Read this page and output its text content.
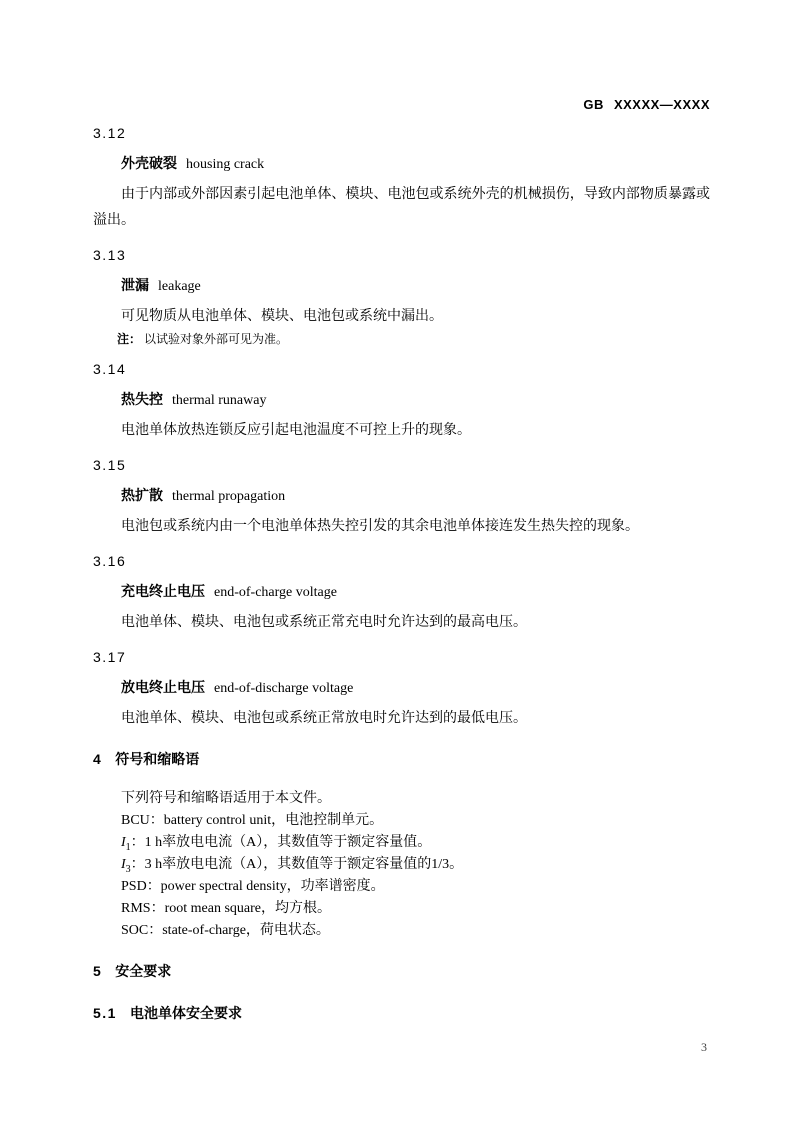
GB XXXXX—XXXX
3.12
外壳破裂 housing crack
由于内部或外部因素引起电池单体、模块、电池包或系统外壳的机械损伤，导致内部物质暴露或溢出。
3.13
泄漏 leakage
可见物质从电池单体、模块、电池包或系统中漏出。
注： 以试验对象外部可见为准。
3.14
热失控 thermal runaway
电池单体放热连锁反应引起电池温度不可控上升的现象。
3.15
热扩散 thermal propagation
电池包或系统内由一个电池单体热失控引发的其余电池单体接连发生热失控的现象。
3.16
充电终止电压 end-of-charge voltage
电池单体、模块、电池包或系统正常充电时允许达到的最高电压。
3.17
放电终止电压 end-of-discharge voltage
电池单体、模块、电池包或系统正常放电时允许达到的最低电压。
4 符号和缩略语
下列符号和缩略语适用于本文件。
BCU：battery control unit，电池控制单元。
$I_1$：1 h率放电电流（A），其数值等于额定容量值。
$I_3$：3 h率放电电流（A），其数值等于额定容量值的1/3。
PSD：power spectral density，功率谱密度。
RMS：root mean square，均方根。
SOC：state-of-charge，荷电状态。
5 安全要求
5.1 电池单体安全要求
3
